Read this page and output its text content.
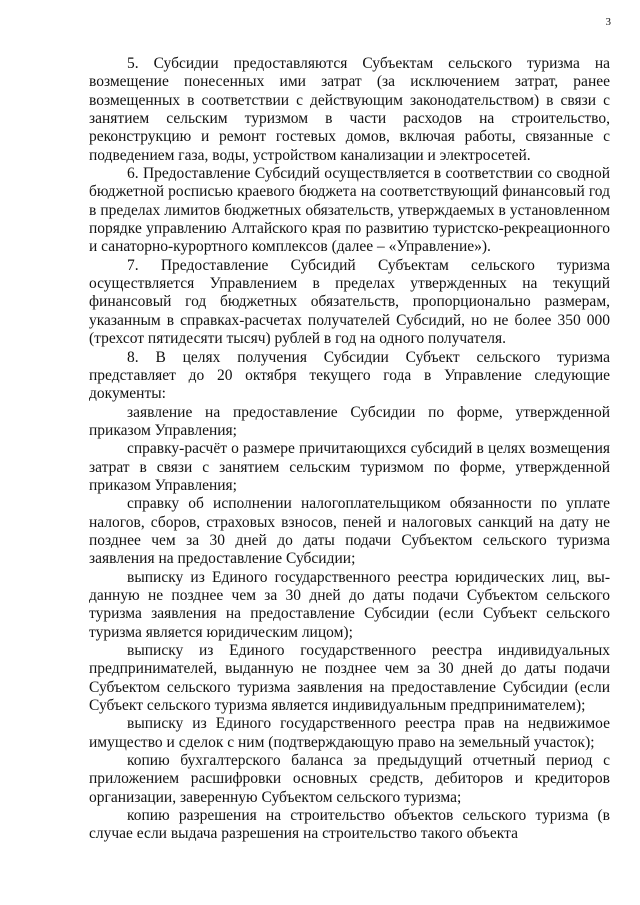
3

5. Субсидии предоставляются Субъектам сельского туризма на возмещение понесенных ими затрат (за исключением затрат, ранее возмещенных в соответствии с действующим законодательством) в связи с занятием сельским туризмом в части расходов на строительство, реконструкцию и ремонт гостевых домов, включая работы, связанные с подведением газа, воды, устройством канализации и электросетей.

6. Предоставление Субсидий осуществляется в соответствии со сводной бюджетной росписью краевого бюджета на соответствующий финансовый год в пределах лимитов бюджетных обязательств, утверждаемых в установленном порядке управлению Алтайского края по развитию туристско-рекреационного и санаторно-курортного комплексов (далее – «Управление»).

7. Предоставление Субсидий Субъектам сельского туризма осуществляется Управлением в пределах утвержденных на текущий финансовый год бюджетных обязательств, пропорционально размерам, указанным в справках-расчетах получателей Субсидий, но не более 350 000 (трехсот пятидесяти тысяч) рублей в год на одного получателя.

8. В целях получения Субсидии Субъект сельского туризма представляет до 20 октября текущего года в Управление следующие документы:

заявление на предоставление Субсидии по форме, утвержденной приказом Управления;

справку-расчёт о размере причитающихся субсидий в целях возмещения затрат в связи с занятием сельским туризмом по форме, утвержденной приказом Управления;

справку об исполнении налогоплательщиком обязанности по уплате налогов, сборов, страховых взносов, пеней и налоговых санкций на дату не позднее чем за 30 дней до даты подачи Субъектом сельского туризма заявления на предоставление Субсидии;

выписку из Единого государственного реестра юридических лиц, выданную не позднее чем за 30 дней до даты подачи Субъектом сельского туризма заявления на предоставление Субсидии (если Субъект сельского туризма является юридическим лицом);

выписку из Единого государственного реестра индивидуальных предпринимателей, выданную не позднее чем за 30 дней до даты подачи Субъектом сельского туризма заявления на предоставление Субсидии (если Субъект сельского туризма является индивидуальным предпринимателем);

выписку из Единого государственного реестра прав на недвижимое имущество и сделок с ним (подтверждающую право на земельный участок);

копию бухгалтерского баланса за предыдущий отчетный период с приложением расшифровки основных средств, дебиторов и кредиторов организации, заверенную Субъектом сельского туризма;

копию разрешения на строительство объектов сельского туризма (в случае если выдача разрешения на строительство такого объекта
